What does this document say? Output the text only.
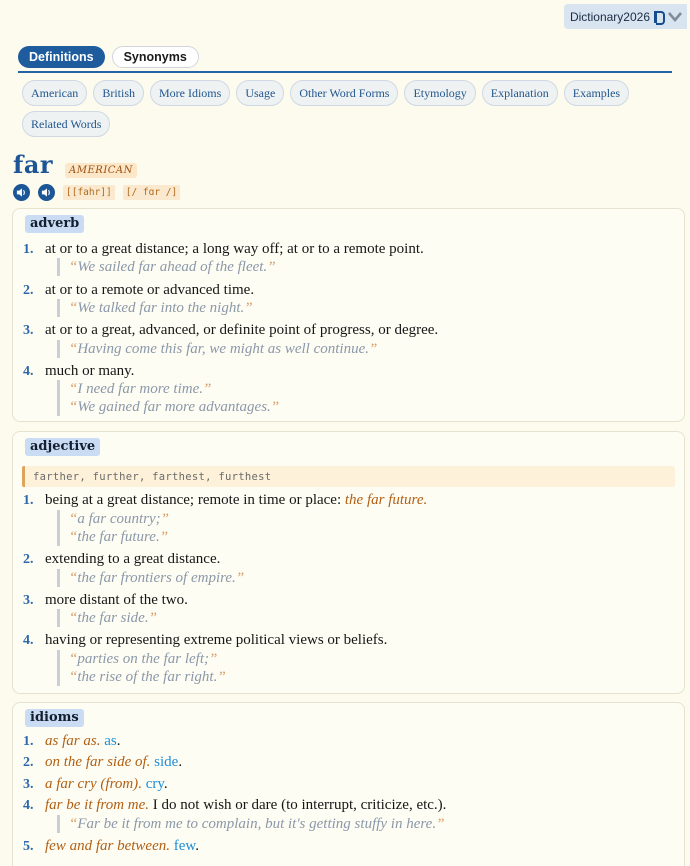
Dictionary2026
Definitions	Synonyms
American	British	More Idioms	Usage	Other Word Forms	Etymology	Explanation	Examples
Related Words
far	AMERICAN
[[fahr]]	[/ fɑr /]
adverb
1. at or to a great distance; a long way off; at or to a remote point.
“We sailed far ahead of the fleet.”
2. at or to a remote or advanced time.
“We talked far into the night.”
3. at or to a great, advanced, or definite point of progress, or degree.
“Having come this far, we might as well continue.”
4. much or many.
“I need far more time.”
“We gained far more advantages.”
adjective
farther, further, farthest, furthest
1. being at a great distance; remote in time or place: the far future.
“a far country;”
“the far future.”
2. extending to a great distance.
“the far frontiers of empire.”
3. more distant of the two.
“the far side.”
4. having or representing extreme political views or beliefs.
“parties on the far left;”
“the rise of the far right.”
idioms
1. as far as. as.
2. on the far side of. side.
3. a far cry (from). cry.
4. far be it from me. I do not wish or dare (to interrupt, criticize, etc.).
“Far be it from me to complain, but it's getting stuffy in here.”
5. few and far between. few.
